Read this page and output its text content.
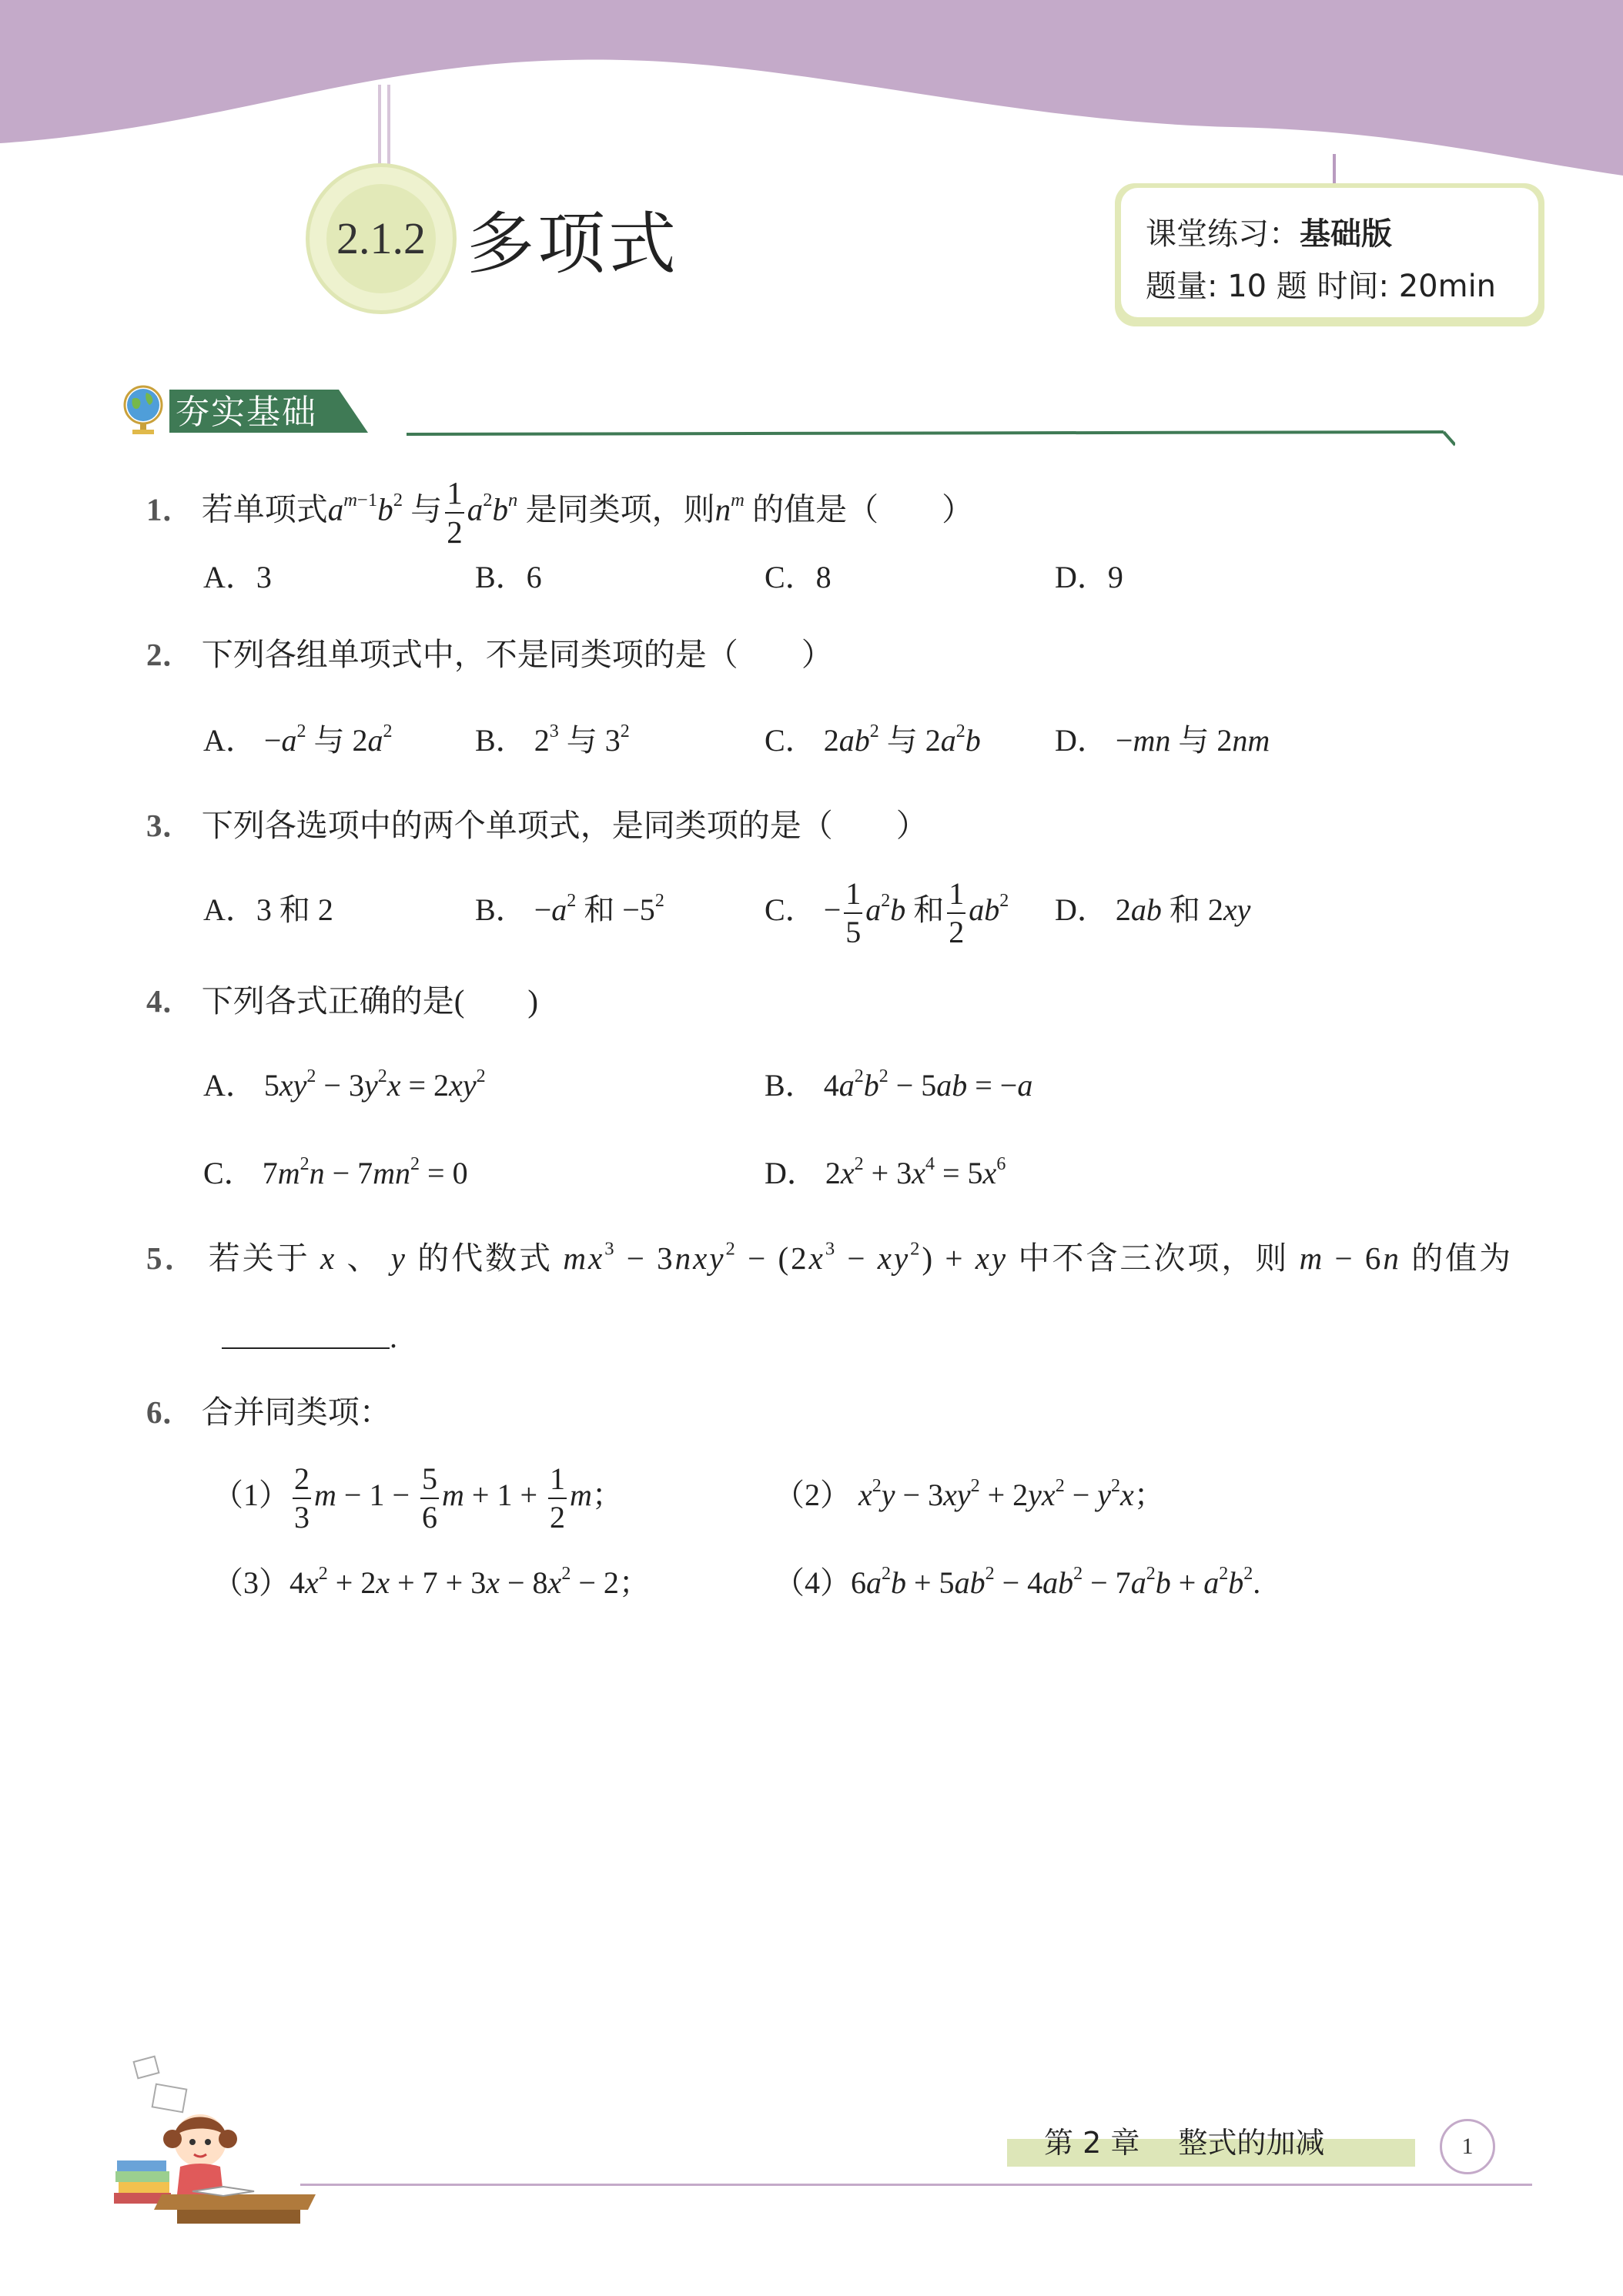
2.1.2 多项式	课堂练习：基础版
题量: 10 题 时间: 20min
夯实基础
1． 若单项式$a^{m-1}b^2$ 与 $\frac{1}{2} a^2b^n$ 是同类项，则$n^m$ 的值是（　　）
A．3	B．6	C．8	D．9
2． 下列各组单项式中，不是同类项的是（　　）
A． $-a^2$ 与 $2a^2$	B． $2^3$ 与 $3^2$	C． $2ab^2$ 与 $2a^2b$ D． −mn 与 2nm
3． 下列各选项中的两个单项式，是同类项的是（　　）
A．3 和 2	B． $-a^2$ 和 $-5^2$	C． − $\frac{1}{5} a^2b$ 和 $\frac{1}{2} ab^2$ D． 2ab 和 2xy
4． 下列各式正确的是(　　)
A． $5xy^2 - 3y^2x = 2xy^2$	B． $4a^2b^2 - 5ab = -a$
C． $7m^2n - 7mn^2 = 0$	D． $2x^2 + 3x^4 = 5x^6$
5． 若关于 x 、 y 的代数式 $mx^3 - 3nxy^2 - (2x^3 - xy^2)$ + xy 中不含三次项，则 m − 6n 的值为
.
6． 合并同类项：
$(1) \frac{2}{3}$ $m - 1 - \frac{5}{6}$ $m + 1 + \frac{1}{2}$ m；	（2） $x^2y - 3xy^2 + 2yx^2 - y^2x$；
$(3)4x^2 + 2x + 7 + 3x - 8x^2 - 2$；	$(4)6a^2b + 5ab^2 - 4ab^2 - 7a^2b + a^2b^2$.
第 2 章　 整式的加减	1
